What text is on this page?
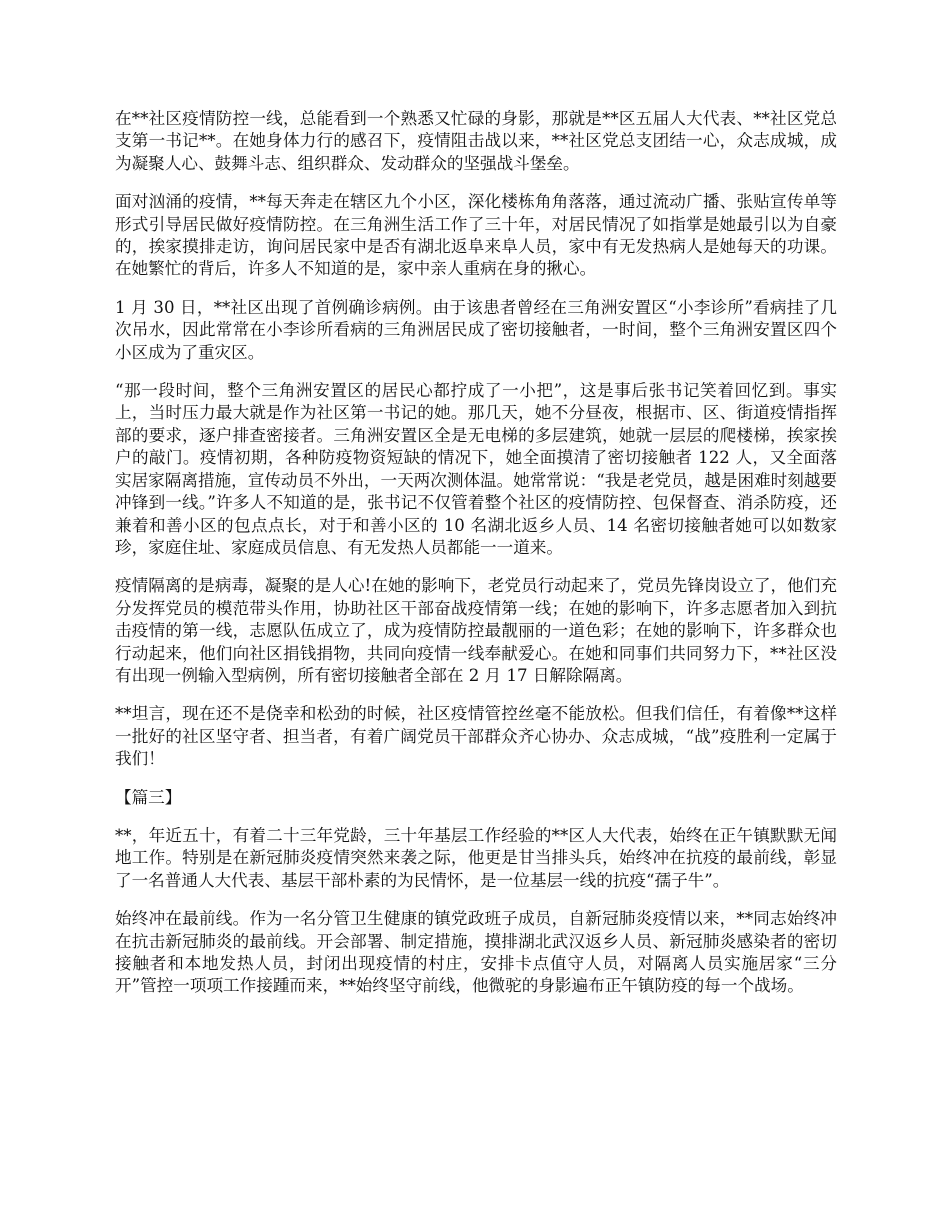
在**社区疫情防控一线，总能看到一个熟悉又忙碌的身影，那就是**区五届人大代表、**社区党总支第一书记**。在她身体力行的感召下，疫情阻击战以来，**社区党总支团结一心，众志成城，成为凝聚人心、鼓舞斗志、组织群众、发动群众的坚强战斗堡垒。

面对汹涌的疫情，**每天奔走在辖区九个小区，深化楼栋角角落落，通过流动广播、张贴宣传单等形式引导居民做好疫情防控。在三角洲生活工作了三十年，对居民情况了如指掌是她最引以为自豪的，挨家摸排走访，询问居民家中是否有湖北返阜来阜人员，家中有无发热病人是她每天的功课。在她繁忙的背后，许多人不知道的是，家中亲人重病在身的揪心。

1 月 30 日，**社区出现了首例确诊病例。由于该患者曾经在三角洲安置区“小李诊所”看病挂了几次吊水，因此常常在小李诊所看病的三角洲居民成了密切接触者，一时间，整个三角洲安置区四个小区成为了重灾区。

“那一段时间，整个三角洲安置区的居民心都拧成了一小把”，这是事后张书记笑着回忆到。事实上，当时压力最大就是作为社区第一书记的她。那几天，她不分昼夜，根据市、区、街道疫情指挥部的要求，逐户排查密接者。三角洲安置区全是无电梯的多层建筑，她就一层层的爬楼梯，挨家挨户的敲门。疫情初期，各种防疫物资短缺的情况下，她全面摸清了密切接触者 122 人，又全面落实居家隔离措施，宣传动员不外出，一天两次测体温。她常常说：“我是老党员，越是困难时刻越要冲锋到一线。”许多人不知道的是，张书记不仅管着整个社区的疫情防控、包保督查、消杀防疫，还兼着和善小区的包点点长，对于和善小区的 10 名湖北返乡人员、14 名密切接触者她可以如数家珍，家庭住址、家庭成员信息、有无发热人员都能一一道来。

疫情隔离的是病毒，凝聚的是人心!在她的影响下，老党员行动起来了，党员先锋岗设立了，他们充分发挥党员的模范带头作用，协助社区干部奋战疫情第一线；在她的影响下，许多志愿者加入到抗击疫情的第一线，志愿队伍成立了，成为疫情防控最靓丽的一道色彩；在她的影响下，许多群众也行动起来，他们向社区捐钱捐物，共同向疫情一线奉献爱心。在她和同事们共同努力下，**社区没有出现一例输入型病例，所有密切接触者全部在 2 月 17 日解除隔离。

**坦言，现在还不是侥幸和松劲的时候，社区疫情管控丝毫不能放松。但我们信任，有着像**这样一批好的社区坚守者、担当者，有着广阔党员干部群众齐心协办、众志成城，“战”疫胜利一定属于我们！

【篇三】

**，年近五十，有着二十三年党龄，三十年基层工作经验的**区人大代表，始终在正午镇默默无闻地工作。特别是在新冠肺炎疫情突然来袭之际，他更是甘当排头兵，始终冲在抗疫的最前线，彰显了一名普通人大代表、基层干部朴素的为民情怀，是一位基层一线的抗疫“孺子牛”。

始终冲在最前线。作为一名分管卫生健康的镇党政班子成员，自新冠肺炎疫情以来，**同志始终冲在抗击新冠肺炎的最前线。开会部署、制定措施，摸排湖北武汉返乡人员、新冠肺炎感染者的密切接触者和本地发热人员，封闭出现疫情的村庄，安排卡点值守人员，对隔离人员实施居家“三分开”管控一项项工作接踵而来，**始终坚守前线，他微驼的身影遍布正午镇防疫的每一个战场。
